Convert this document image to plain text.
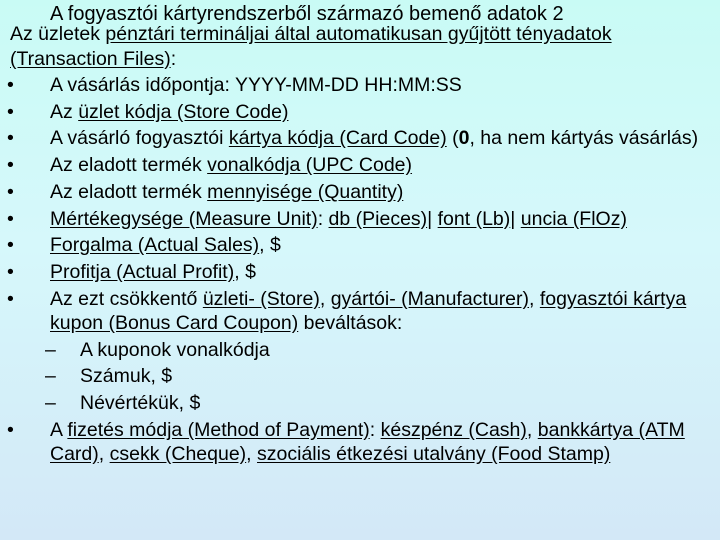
A fogyasztói kártyrendszerből származó bemenő adatok 2
Az üzletek pénztári termináljai által automatikusan gyűjtött tényadatok (Transaction Files):
• A vásárlás időpontja: YYYY-MM-DD HH:MM:SS
• Az üzlet kódja (Store Code)
• A vásárló fogyasztói kártya kódja (Card Code) (0, ha nem kártyás vásárlás)
• Az eladott termék vonalkódja (UPC Code)
• Az eladott termék mennyisége (Quantity)
• Mértékegysége (Measure Unit): db (Pieces)| font (Lb)| uncia (FlOz)
• Forgalma (Actual Sales), $
• Profitja (Actual Profit), $
• Az ezt csökkentő üzleti- (Store), gyártói- (Manufacturer), fogyasztói kártya kupon (Bonus Card Coupon) beváltások:
– A kuponok vonalkódja
– Számuk, $
– Névértékük, $
• A fizetés módja (Method of Payment): készpénz (Cash), bankkártya (ATM Card), csekk (Cheque), szociális étkezési utalvány (Food Stamp)
